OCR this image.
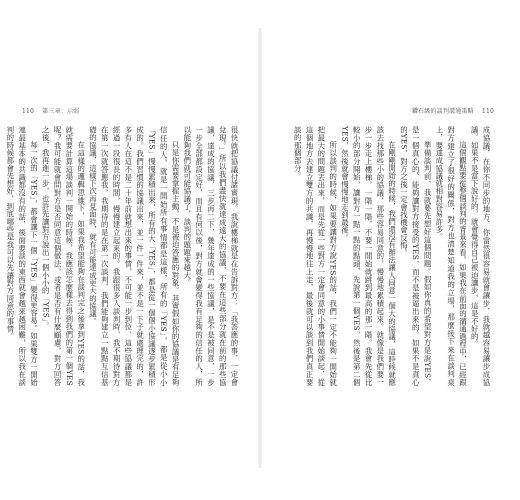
110 第三章：示弱

很快就把協議付諸實現。我說樓梯就是在告訴對方：「我答應的事，一定會兌現。」所以我們盡快就達成遠大的協議，不要在這些部分就在前的那些協議，達成的協議，三步再二下，幾年達成的一些協議，是不是被同意，一步一步全部都設定好，而且有何以後，對方就會變得我有足夠的信任的人，所以能夠我們就可能協議了，談判的題題來越大。

只是你需要掌握主動，不是被迫答應的對象。其實假如你的協議是有足夠信任的人，就是一開始所有事情都是這樣，所有的「YES」，都是從小小「YES」慢慢累積出來，所有的大「YES」，都是從一個個小協議逐步累積形成的。我們習慣的協議出來，並一件一件來，並不是一下子就處理完的，許多有人在這不是二十年前就想出來的事情，不可能一步到位，這些協議都是經過一段很長的時間，慢慢建立起來的。我跟很多人談判時，我不期待對方在第一次就答應我，我期待的是在第一次談判，我們能夠建立一點點互信基礎的協議，這樣下次再見面時，就有可能達成更大的協議。

在這樣的邏輯思維下，如果我希望能夠在談判完之後拿到YES的話，我就需要計算這場談判一開始的時候，我應該怎麼樣去得到我們的第一個YES呢？我可能就會問對方是否同意這個做法，或者是否有什麼顧慮，對方回答之後，我再進一步，也許先讓對方說出一個小小的「YES」。

每一次的「YES」，都會讓下一個「YES」變得更容易。如果雙方一開始連最基本的共識都沒有的話，後面要談的東西就會越來越困難，所以我在談判的時候都會先想好，到底哪些是我可以先讓對方同意的事情。

鑽石級的談判溝通策略 110

成協議，在你不同步的地方，你當然很容易就會讓步，我就越容易讓步成協議。如果不是當下說好的，就會覺得自己被迫讓步，這是不好的。

這個觀點要從整個談判的背景來看。如果我在前面的溝通過程中，已經跟對方建立了很好的關係，對方也清楚知道我的立場，那麼接下來在談判桌上，要達成協議就相對容易許多。

準備談判前，我就要先想好這個問題。假如你真的希望對方是說YES，是一個真心的、能夠讓對方接受的YES，而不是被逼出來的。如果不是真心的YES，對方之後一定會找機會反悔。

在剛剛開始的時候，我們還沒有辦法讓人同意一個大的協議，這時候就應該去找那些小的協議，那些容易同意的，慢慢地累積起來。就像是我們要一步一步走上樓梯，一階一階，不要一開始就跳到最高的那一階。我會先從比較小的部分開始，讓對方一點一點的點頭，先說第一個YES，然後是第二個YES，然後就會慢慢地走到最後。

所以談判的時候，如果要讓對方說YES的話，我們一定不能夠一開始就把最大的問題丟出來，而是先從一些對方一定會同意的小事情開始談起，從這個地方去建立雙方的共識，再慢慢地往上走，最後就可以談到我們真正要談的那個部分。
